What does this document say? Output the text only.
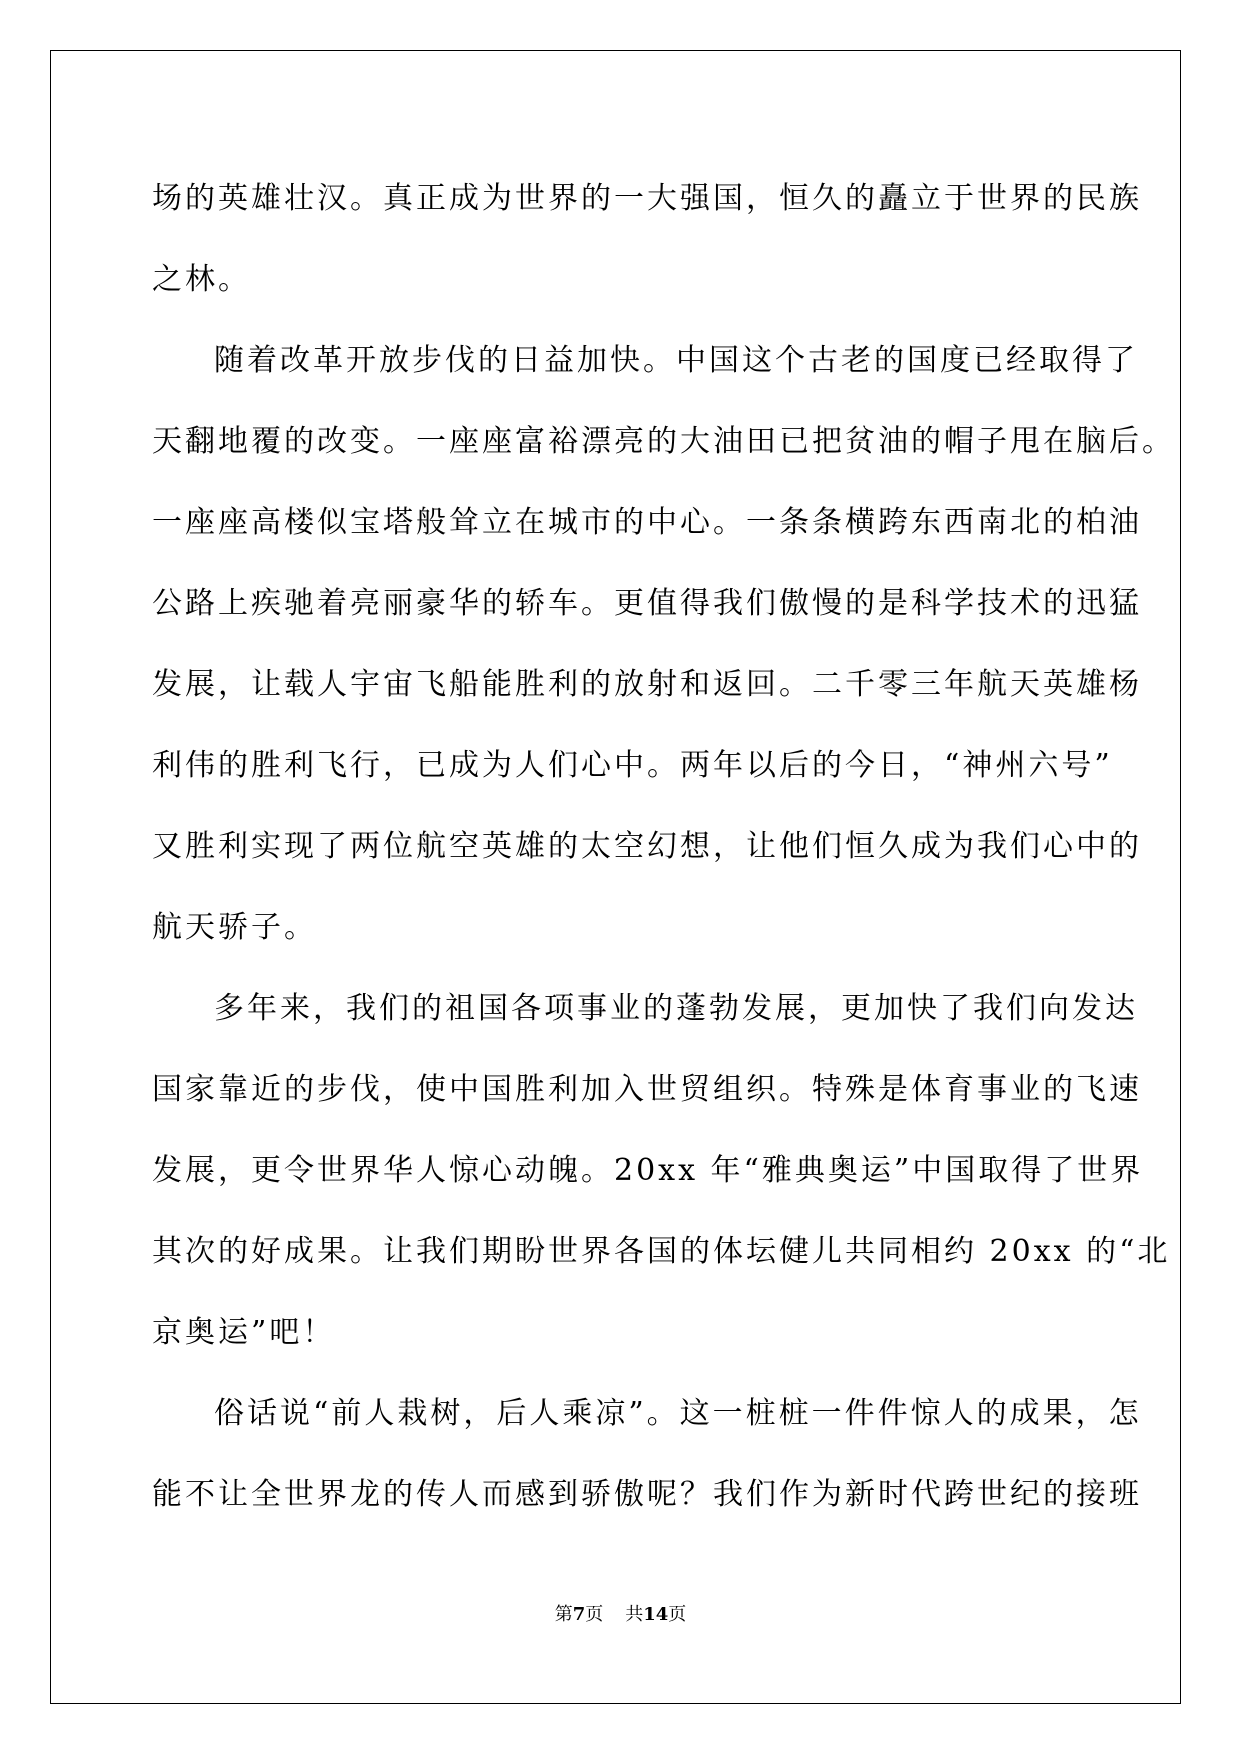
场的英雄壮汉。真正成为世界的一大强国，恒久的矗立于世界的民族
之林。
随着改革开放步伐的日益加快。中国这个古老的国度已经取得了
天翻地覆的改变。一座座富裕漂亮的大油田已把贫油的帽子甩在脑后。
一座座高楼似宝塔般耸立在城市的中心。一条条横跨东西南北的柏油
公路上疾驰着亮丽豪华的轿车。更值得我们傲慢的是科学技术的迅猛
发展，让载人宇宙飞船能胜利的放射和返回。二千零三年航天英雄杨
利伟的胜利飞行，已成为人们心中。两年以后的今日，“神州六号”
又胜利实现了两位航空英雄的太空幻想，让他们恒久成为我们心中的
航天骄子。
多年来，我们的祖国各项事业的蓬勃发展，更加快了我们向发达
国家靠近的步伐，使中国胜利加入世贸组织。特殊是体育事业的飞速
发展，更令世界华人惊心动魄。20xx 年“雅典奥运”中国取得了世界
其次的好成果。让我们期盼世界各国的体坛健儿共同相约 20xx 的“北
京奥运”吧！
俗话说“前人栽树，后人乘凉”。这一桩桩一件件惊人的成果，怎
能不让全世界龙的传人而感到骄傲呢？我们作为新时代跨世纪的接班
第7页 共14页
